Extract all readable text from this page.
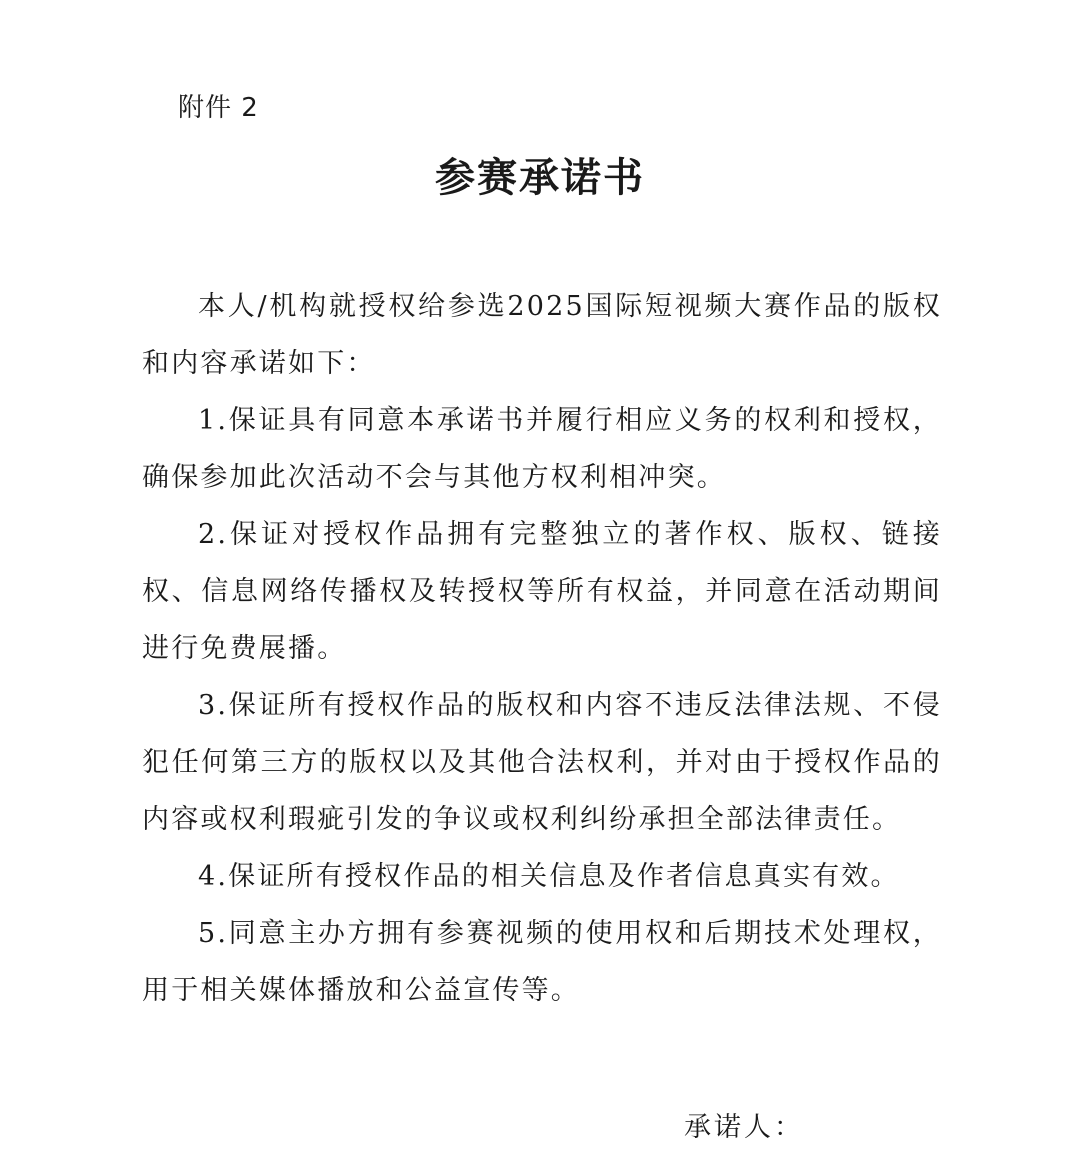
附件 2
参赛承诺书

本人/机构就授权给参选2025国际短视频大赛作品的版权和内容承诺如下：

1.保证具有同意本承诺书并履行相应义务的权利和授权，确保参加此次活动不会与其他方权利相冲突。

2.保证对授权作品拥有完整独立的著作权、版权、链接权、信息网络传播权及转授权等所有权益，并同意在活动期间进行免费展播。

3.保证所有授权作品的版权和内容不违反法律法规、不侵犯任何第三方的版权以及其他合法权利，并对由于授权作品的内容或权利瑕疵引发的争议或权利纠纷承担全部法律责任。

4.保证所有授权作品的相关信息及作者信息真实有效。

5.同意主办方拥有参赛视频的使用权和后期技术处理权，用于相关媒体播放和公益宣传等。

承诺人：
